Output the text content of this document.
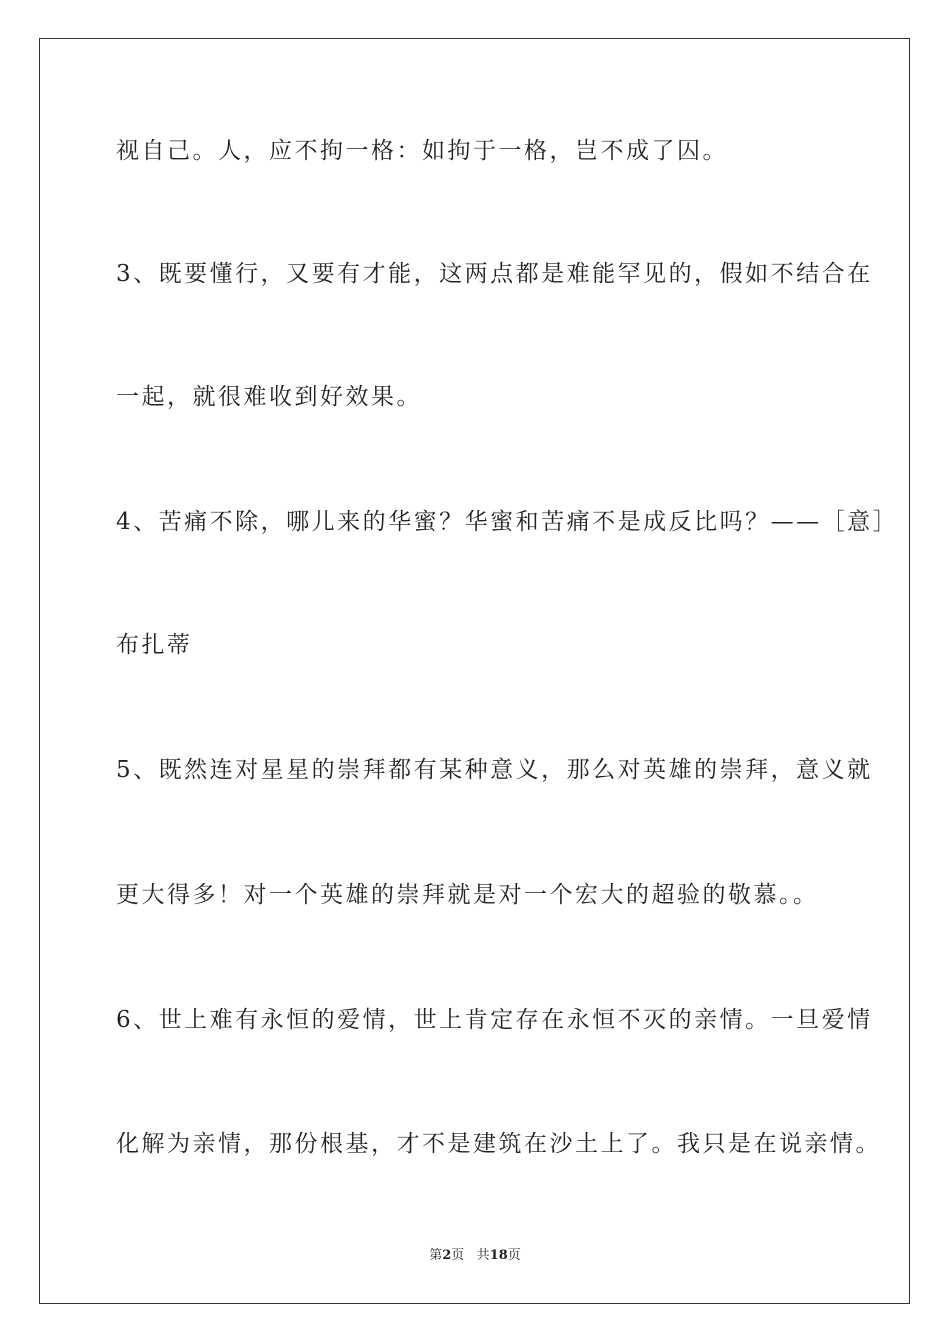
视自己。人，应不拘一格：如拘于一格，岂不成了囚。
3、既要懂行，又要有才能，这两点都是难能罕见的，假如不结合在
一起，就很难收到好效果。
4、苦痛不除，哪儿来的华蜜？华蜜和苦痛不是成反比吗？——［意］
布扎蒂
5、既然连对星星的崇拜都有某种意义，那么对英雄的崇拜，意义就
更大得多！对一个英雄的崇拜就是对一个宏大的超验的敬慕。。
6、世上难有永恒的爱情，世上肯定存在永恒不灭的亲情。一旦爱情
化解为亲情，那份根基，才不是建筑在沙土上了。我只是在说亲情。
第2页 共18页
